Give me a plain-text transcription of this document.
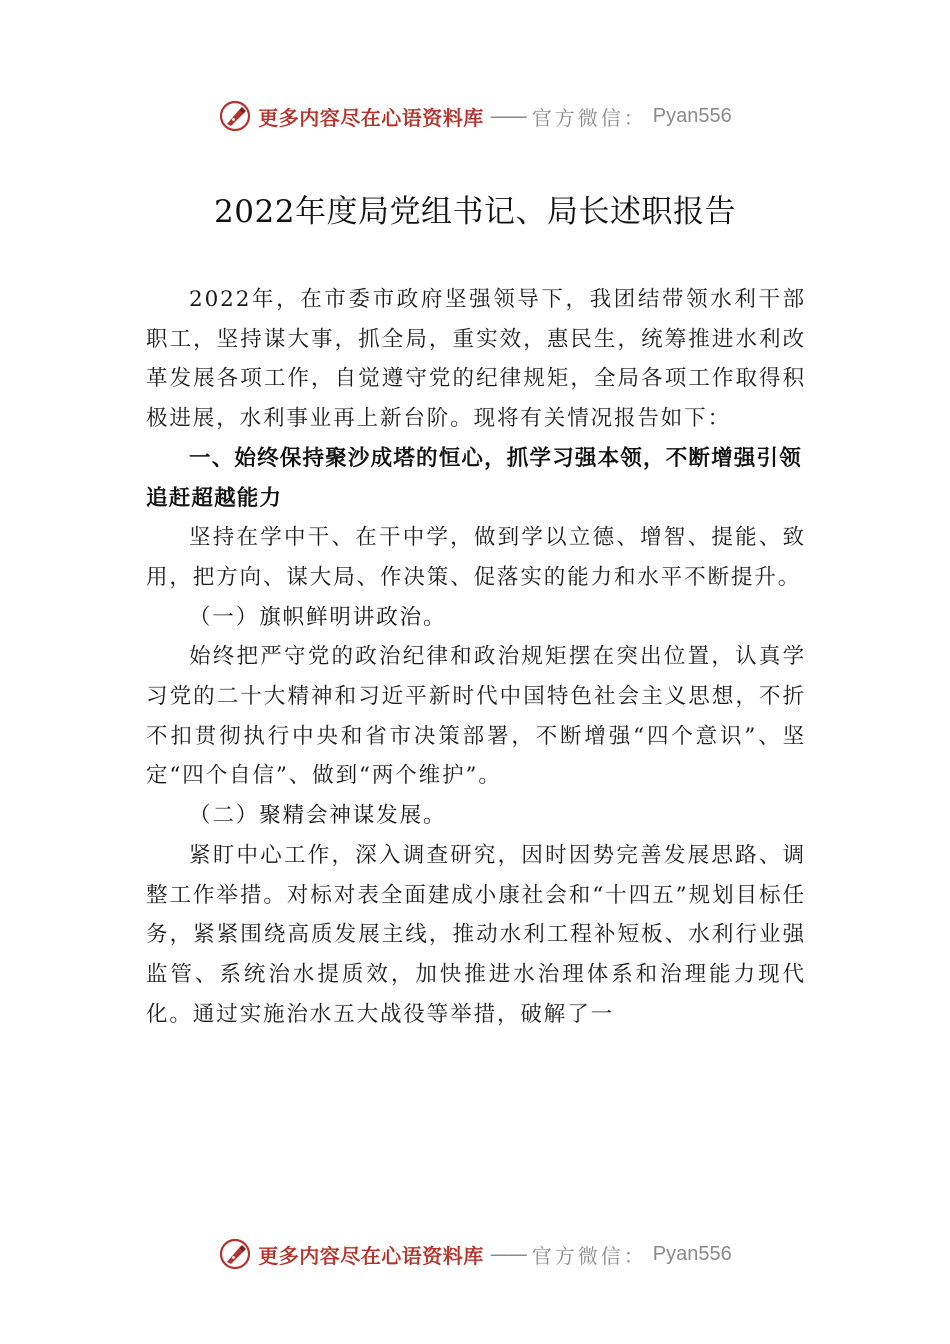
更多内容尽在心语资料库 —— 官方微信： Pyan556
2022年度局党组书记、局长述职报告

2022年，在市委市政府坚强领导下，我团结带领水利干部职工，坚持谋大事，抓全局，重实效，惠民生，统筹推进水利改革发展各项工作，自觉遵守党的纪律规矩，全局各项工作取得积极进展，水利事业再上新台阶。现将有关情况报告如下：

一、始终保持聚沙成塔的恒心，抓学习强本领，不断增强引领追赶超越能力

坚持在学中干、在干中学，做到学以立德、增智、提能、致用，把方向、谋大局、作决策、促落实的能力和水平不断提升。

（一）旗帜鲜明讲政治。

始终把严守党的政治纪律和政治规矩摆在突出位置，认真学习党的二十大精神和习近平新时代中国特色社会主义思想，不折不扣贯彻执行中央和省市决策部署，不断增强“四个意识”、坚定“四个自信”、做到“两个维护”。

（二）聚精会神谋发展。

紧盯中心工作，深入调查研究，因时因势完善发展思路、调整工作举措。对标对表全面建成小康社会和“十四五”规划目标任务，紧紧围绕高质发展主线，推动水利工程补短板、水利行业强监管、系统治水提质效，加快推进水治理体系和治理能力现代化。通过实施治水五大战役等举措，破解了一

更多内容尽在心语资料库 —— 官方微信： Pyan556
